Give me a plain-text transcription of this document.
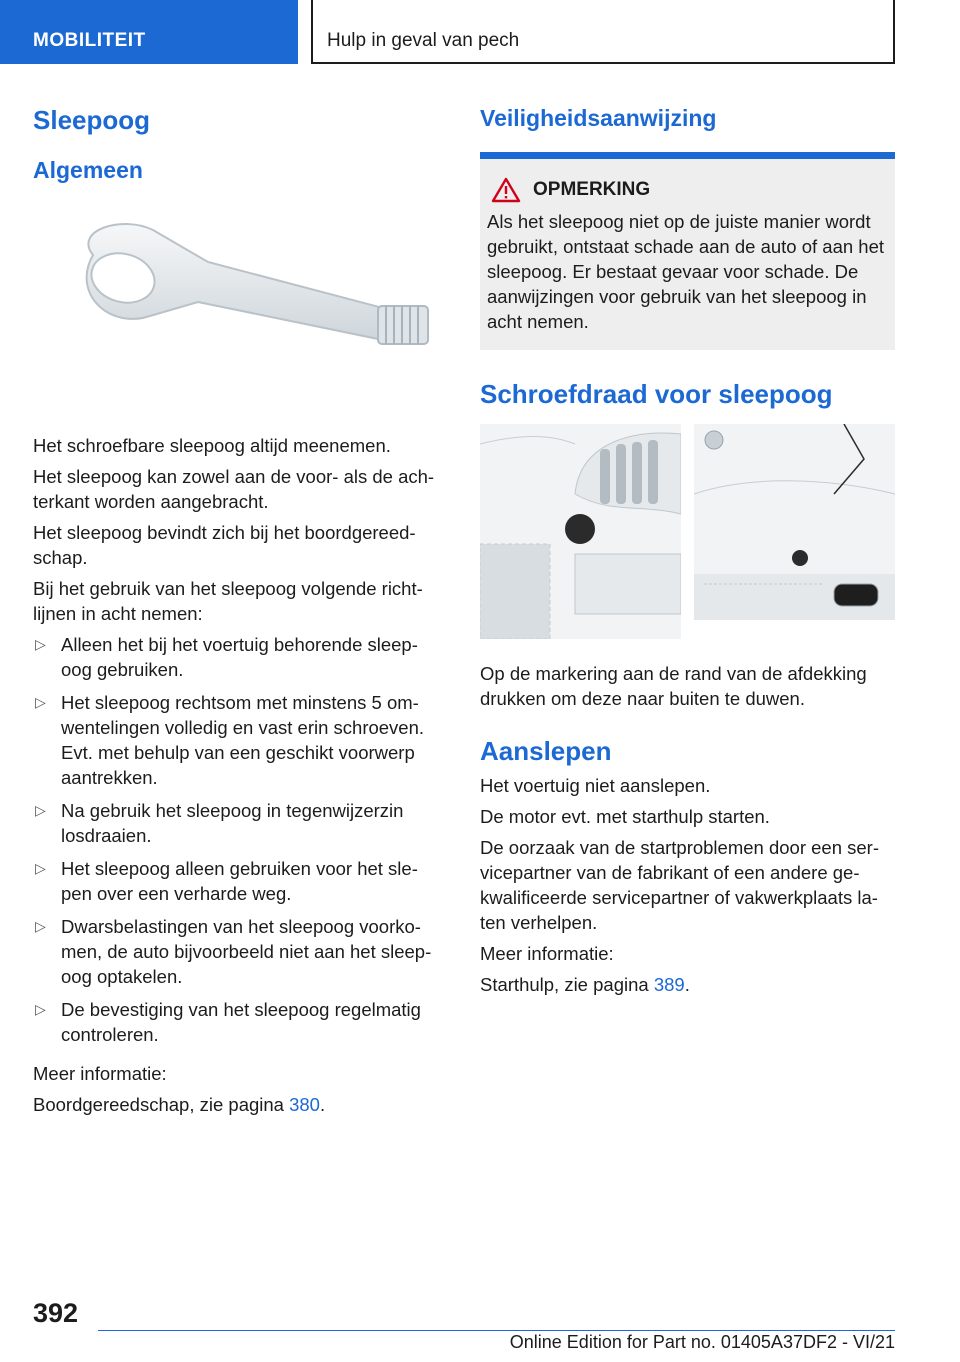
MOBILITEIT	Hulp in geval van pech
Sleepoog
Algemeen

Het schroefbare sleepoog altijd meenemen.

Het sleepoog kan zowel aan de voor- als de ach‐terkant worden aangebracht.

Het sleepoog bevindt zich bij het boordgereed‐schap.

Bij het gebruik van het sleepoog volgende richt‐lijnen in acht nemen:

▷ Alleen het bij het voertuig behorende sleep‐oog gebruiken.
▷ Het sleepoog rechtsom met minstens 5 om‐wentelingen volledig en vast erin schroeven. Evt. met behulp van een geschikt voorwerp aantrekken.
▷ Na gebruik het sleepoog in tegenwijzerzin losdraaien.
▷ Het sleepoog alleen gebruiken voor het sle‐pen over een verharde weg.
▷ Dwarsbelastingen van het sleepoog voorko‐men, de auto bijvoorbeeld niet aan het sleep‐oog optakelen.
▷ De bevestiging van het sleepoog regelmatig controleren.

Meer informatie:

Boordgereedschap, zie pagina 380.

Veiligheidsaanwijzing
OPMERKING

Als het sleepoog niet op de juiste manier wordt gebruikt, ontstaat schade aan de auto of aan het sleepoog. Er bestaat gevaar voor schade. De aanwijzingen voor gebruik van het sleepoog in acht nemen.

Schroefdraad voor sleepoog

Op de markering aan de rand van de afdekking drukken om deze naar buiten te duwen.

Aanslepen

Het voertuig niet aanslepen.

De motor evt. met starthulp starten.

De oorzaak van de startproblemen door een ser‐vicepartner van de fabrikant of een andere ge‐kwalificeerde servicepartner of vakwerkplaats la‐ten verhelpen.

Meer informatie:

Starthulp, zie pagina 389.

392
Online Edition for Part no. 01405A37DF2 - VI/21
